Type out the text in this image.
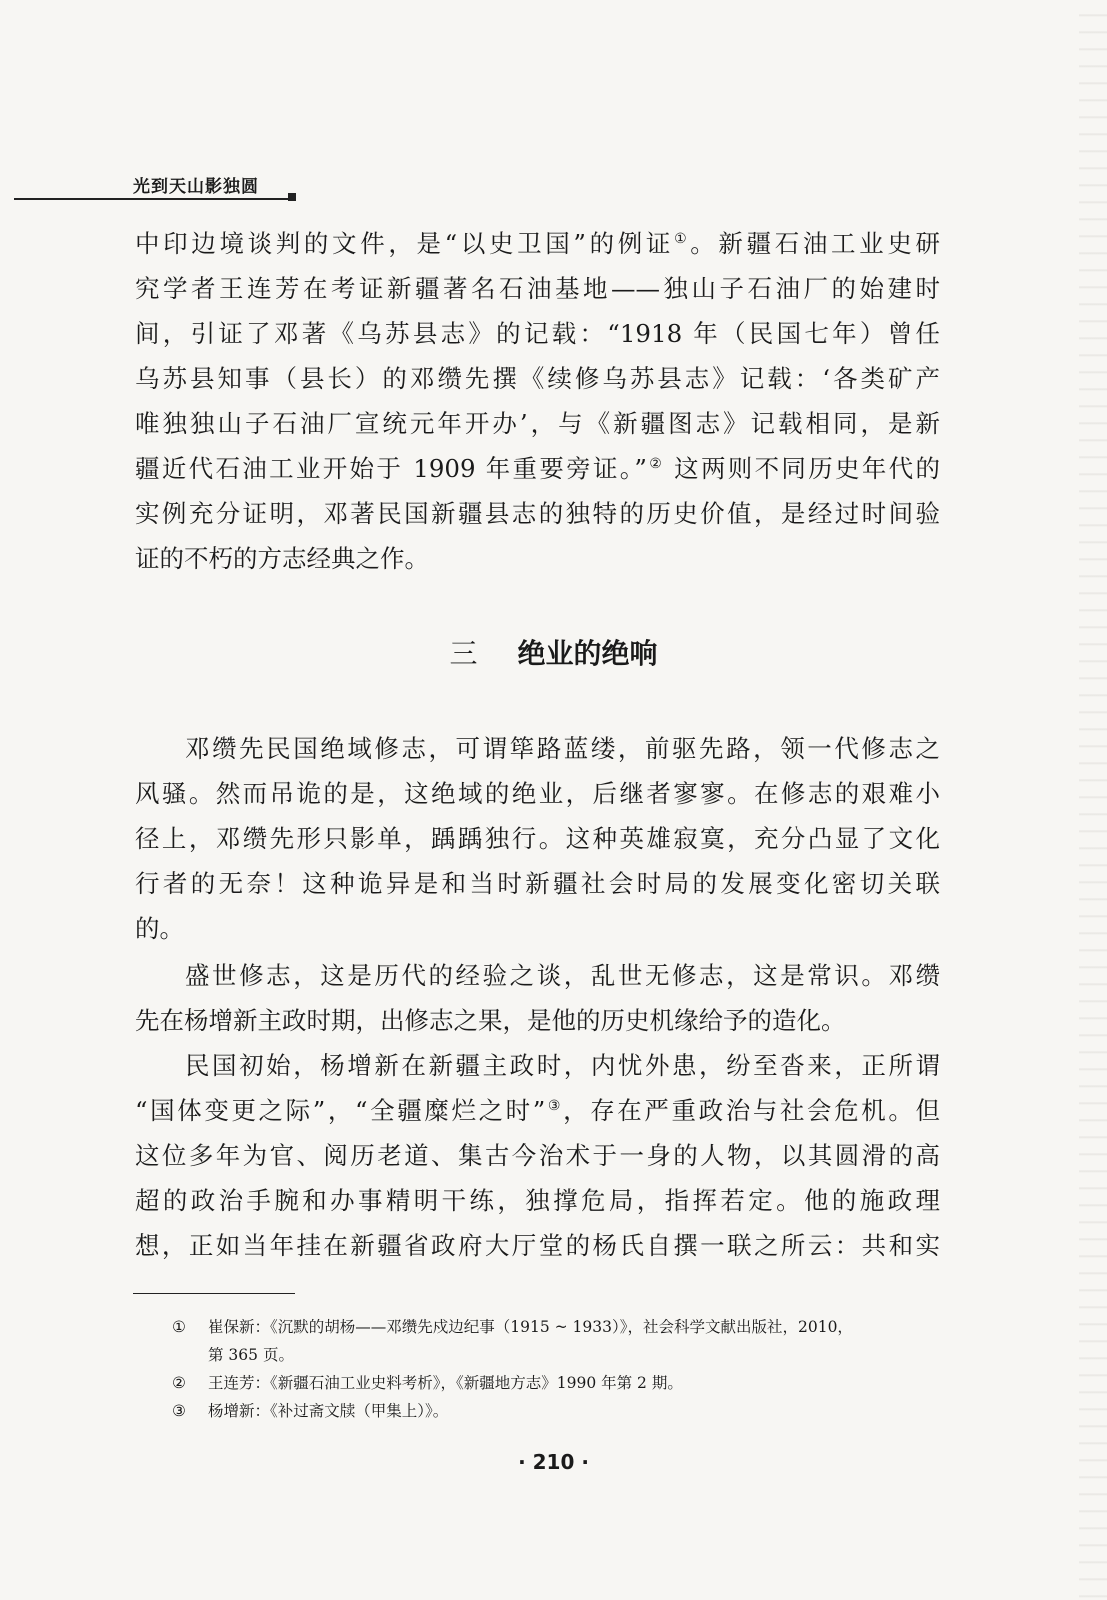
光到天山影独圆
中印边境谈判的文件，是“以史卫国”的例证①。新疆石油工业史研
究学者王连芳在考证新疆著名石油基地——独山子石油厂的始建时
间，引证了邓著《乌苏县志》的记载：“1918 年（民国七年）曾任
乌苏县知事（县长）的邓缵先撰《续修乌苏县志》记载：‘各类矿产
唯独独山子石油厂宣统元年开办’，与《新疆图志》记载相同，是新
疆近代石油工业开始于 1909 年重要旁证。”② 这两则不同历史年代的
实例充分证明，邓著民国新疆县志的独特的历史价值，是经过时间验
证的不朽的方志经典之作。
三 绝业的绝响
邓缵先民国绝域修志，可谓筚路蓝缕，前驱先路，领一代修志之
风骚。然而吊诡的是，这绝域的绝业，后继者寥寥。在修志的艰难小
径上，邓缵先形只影单，踽踽独行。这种英雄寂寞，充分凸显了文化
行者的无奈！这种诡异是和当时新疆社会时局的发展变化密切关联
的。
盛世修志，这是历代的经验之谈，乱世无修志，这是常识。邓缵
先在杨增新主政时期，出修志之果，是他的历史机缘给予的造化。
民国初始，杨增新在新疆主政时，内忧外患，纷至沓来，正所谓
“国体变更之际”，“全疆糜烂之时”③，存在严重政治与社会危机。但
这位多年为官、阅历老道、集古今治术于一身的人物，以其圆滑的高
超的政治手腕和办事精明干练，独撑危局，指挥若定。他的施政理
想，正如当年挂在新疆省政府大厅堂的杨氏自撰一联之所云：共和实
① 崔保新：《沉默的胡杨——邓缵先戍边纪事（1915 ~ 1933）》，社会科学文献出版社，2010，
第 365 页。
② 王连芳：《新疆石油工业史料考析》，《新疆地方志》1990 年第 2 期。
③ 杨增新：《补过斋文牍（甲集上）》。
· 210 ·
